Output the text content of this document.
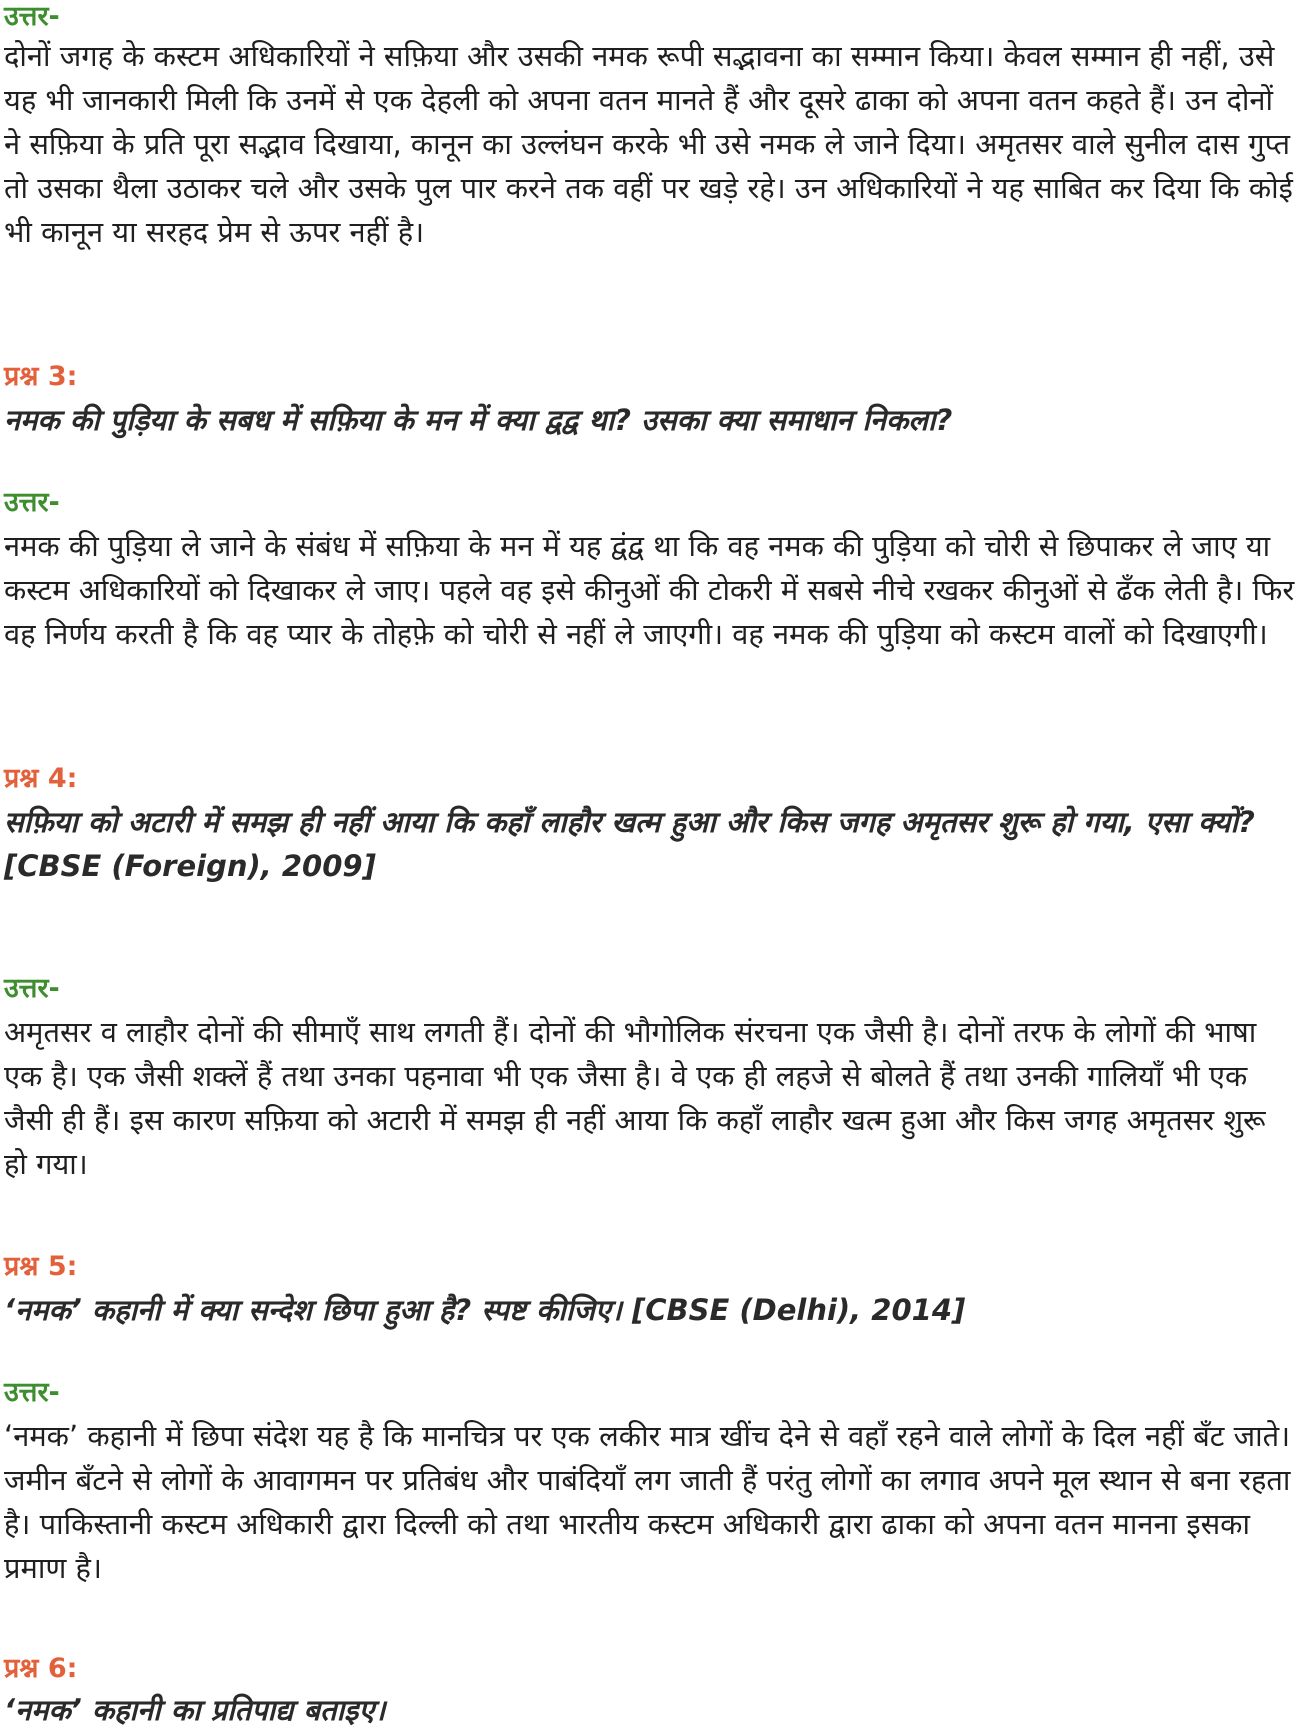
उत्तर-
दोनों जगह के कस्टम अधिकारियों ने सफ़िया और उसकी नमक रूपी सद्भावना का सम्मान किया। केवल सम्मान ही नहीं, उसे यह भी जानकारी मिली कि उनमें से एक देहली को अपना वतन मानते हैं और दूसरे ढाका को अपना वतन कहते हैं। उन दोनों ने सफ़िया के प्रति पूरा सद्भाव दिखाया, कानून का उल्लंघन करके भी उसे नमक ले जाने दिया। अमृतसर वाले सुनील दास गुप्त तो उसका थैला उठाकर चले और उसके पुल पार करने तक वहीं पर खड़े रहे। उन अधिकारियों ने यह साबित कर दिया कि कोई भी कानून या सरहद प्रेम से ऊपर नहीं है।
प्रश्न 3:
नमक की पुड़िया के सबध में सफ़िया के मन में क्या द्वद्व था? उसका क्या समाधान निकला?
उत्तर-
नमक की पुड़िया ले जाने के संबंध में सफ़िया के मन में यह द्वंद्व था कि वह नमक की पुड़िया को चोरी से छिपाकर ले जाए या कस्टम अधिकारियों को दिखाकर ले जाए। पहले वह इसे कीनुओं की टोकरी में सबसे नीचे रखकर कीनुओं से ढँक लेती है। फिर वह निर्णय करती है कि वह प्यार के तोहफ़े को चोरी से नहीं ले जाएगी। वह नमक की पुड़िया को कस्टम वालों को दिखाएगी।
प्रश्न 4:
सफ़िया को अटारी में समझ ही नहीं आया कि कहाँ लाहौर खत्म हुआ और किस जगह अमृतसर शुरू हो गया, एसा क्यों?
[CBSE (Foreign), 2009]
उत्तर-
अमृतसर व लाहौर दोनों की सीमाएँ साथ लगती हैं। दोनों की भौगोलिक संरचना एक जैसी है। दोनों तरफ के लोगों की भाषा एक है। एक जैसी शक्लें हैं तथा उनका पहनावा भी एक जैसा है। वे एक ही लहजे से बोलते हैं तथा उनकी गालियाँ भी एक जैसी ही हैं। इस कारण सफ़िया को अटारी में समझ ही नहीं आया कि कहाँ लाहौर खत्म हुआ और किस जगह अमृतसर शुरू हो गया।
प्रश्न 5:
‘नमक’ कहानी में क्या सन्देश छिपा हुआ है? स्पष्ट कीजिए। [CBSE (Delhi), 2014]
उत्तर-
‘नमक’ कहानी में छिपा संदेश यह है कि मानचित्र पर एक लकीर मात्र खींच देने से वहाँ रहने वाले लोगों के दिल नहीं बँट जाते। जमीन बँटने से लोगों के आवागमन पर प्रतिबंध और पाबंदियाँ लग जाती हैं परंतु लोगों का लगाव अपने मूल स्थान से बना रहता है। पाकिस्तानी कस्टम अधिकारी द्वारा दिल्ली को तथा भारतीय कस्टम अधिकारी द्वारा ढाका को अपना वतन मानना इसका प्रमाण है।
प्रश्न 6:
‘नमक’ कहानी का प्रतिपाद्य बताइए।
